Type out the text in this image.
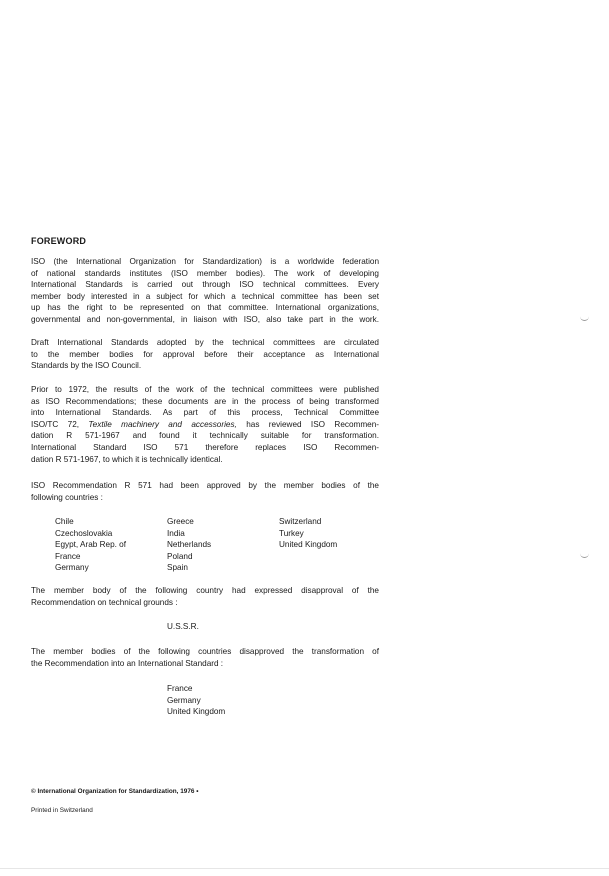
FOREWORD
ISO (the International Organization for Standardization) is a worldwide federation
of national standards institutes (ISO member bodies). The work of developing
International Standards is carried out through ISO technical committees. Every
member body interested in a subject for which a technical committee has been set
up has the right to be represented on that committee. International organizations,
governmental and non-governmental, in liaison with ISO, also take part in the work.
Draft International Standards adopted by the technical committees are circulated
to the member bodies for approval before their acceptance as International
Standards by the ISO Council.
Prior to 1972, the results of the work of the technical committees were published
as ISO Recommendations; these documents are in the process of being transformed
into International Standards. As part of this process, Technical Committee
ISO/TC 72, Textile machinery and accessories, has reviewed ISO Recommen-
dation R 571-1967 and found it technically suitable for transformation.
International Standard ISO 571 therefore replaces ISO Recommen-
dation R 571-1967, to which it is technically identical.
ISO Recommendation R 571 had been approved by the member bodies of the
following countries :
Chile
Czechoslovakia
Egypt, Arab Rep. of
France
Germany
Greece
India
Netherlands
Poland
Spain
Switzerland
Turkey
United Kingdom
The member body of the following country had expressed disapproval of the
Recommendation on technical grounds :
U.S.S.R.
The member bodies of the following countries disapproved the transformation of
the Recommendation into an International Standard :
France
Germany
United Kingdom
© International Organization for Standardization, 1976 •
Printed in Switzerland
